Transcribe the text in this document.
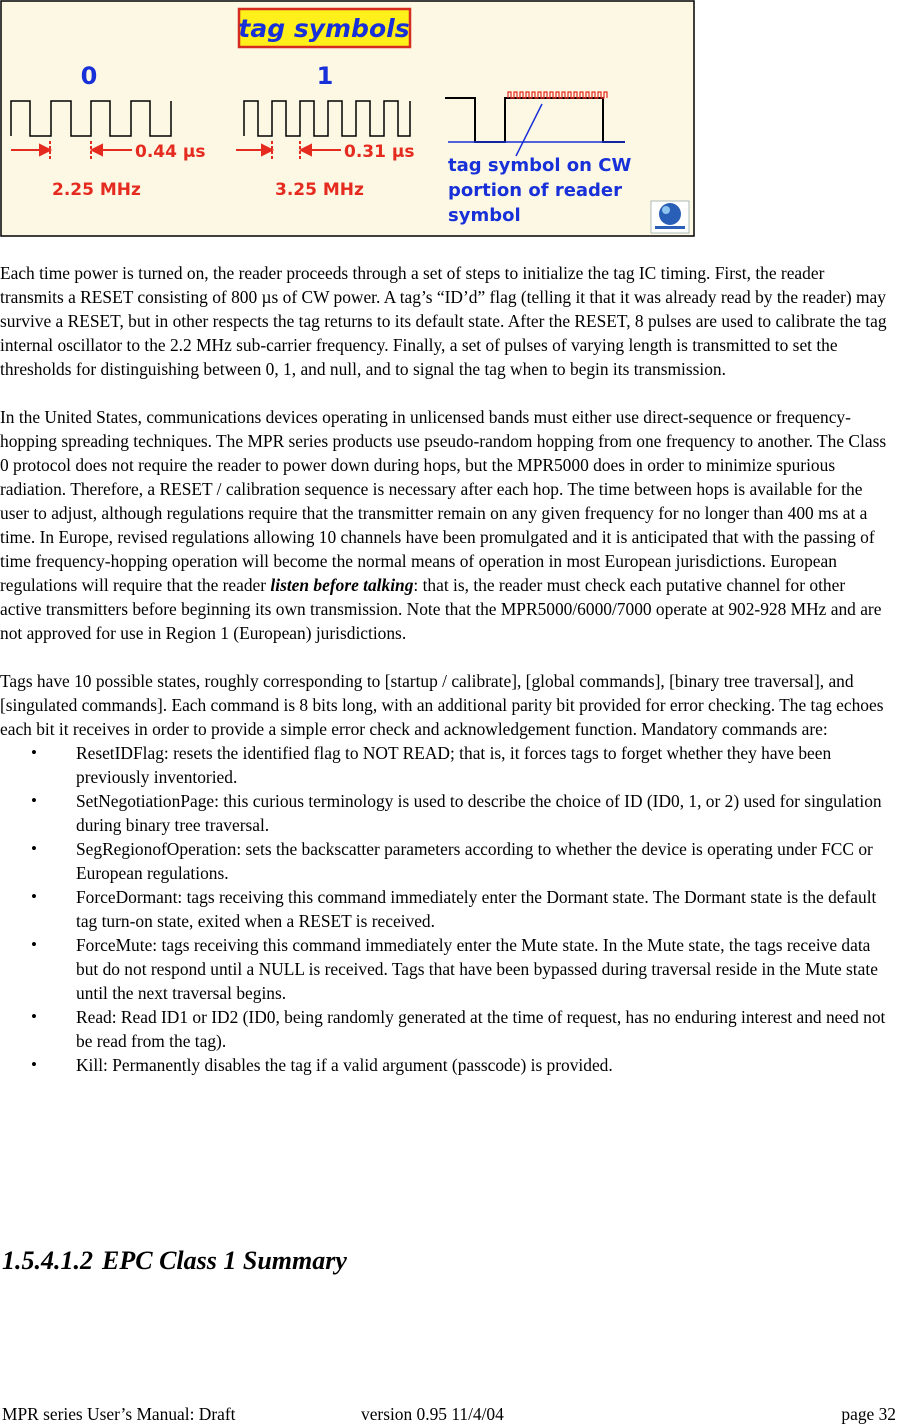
tag symbols
0	1
0.44 µs	0.31 µs
2.25 MHz	3.25 MHz
tag symbol on CW portion of reader symbol

Each time power is turned on, the reader proceeds through a set of steps to initialize the tag IC timing. First, the reader transmits a RESET consisting of 800 µs of CW power. A tag’s “ID’d” flag (telling it that it was already read by the reader) may survive a RESET, but in other respects the tag returns to its default state. After the RESET, 8 pulses are used to calibrate the tag internal oscillator to the 2.2 MHz sub-carrier frequency. Finally, a set of pulses of varying length is transmitted to set the thresholds for distinguishing between 0, 1, and null, and to signal the tag when to begin its transmission.

In the United States, communications devices operating in unlicensed bands must either use direct-sequence or frequency-hopping spreading techniques. The MPR series products use pseudo-random hopping from one frequency to another. The Class 0 protocol does not require the reader to power down during hops, but the MPR5000 does in order to minimize spurious radiation. Therefore, a RESET / calibration sequence is necessary after each hop. The time between hops is available for the user to adjust, although regulations require that the transmitter remain on any given frequency for no longer than 400 ms at a time. In Europe, revised regulations allowing 10 channels have been promulgated and it is anticipated that with the passing of time frequency-hopping operation will become the normal means of operation in most European jurisdictions. European regulations will require that the reader listen before talking: that is, the reader must check each putative channel for other active transmitters before beginning its own transmission. Note that the MPR5000/6000/7000 operate at 902-928 MHz and are not approved for use in Region 1 (European) jurisdictions.

Tags have 10 possible states, roughly corresponding to [startup / calibrate], [global commands], [binary tree traversal], and [singulated commands]. Each command is 8 bits long, with an additional parity bit provided for error checking. The tag echoes each bit it receives in order to provide a simple error check and acknowledgement function. Mandatory commands are:

• ResetIDFlag: resets the identified flag to NOT READ; that is, it forces tags to forget whether they have been previously inventoried.
• SetNegotiationPage: this curious terminology is used to describe the choice of ID (ID0, 1, or 2) used for singulation during binary tree traversal.
• SegRegionofOperation: sets the backscatter parameters according to whether the device is operating under FCC or European regulations.
• ForceDormant: tags receiving this command immediately enter the Dormant state. The Dormant state is the default tag turn-on state, exited when a RESET is received.
• ForceMute: tags receiving this command immediately enter the Mute state. In the Mute state, the tags receive data but do not respond until a NULL is received. Tags that have been bypassed during traversal reside in the Mute state until the next traversal begins.
• Read: Read ID1 or ID2 (ID0, being randomly generated at the time of request, has no enduring interest and need not be read from the tag).
• Kill: Permanently disables the tag if a valid argument (passcode) is provided.
1.5.4.1.2 EPC Class 1 Summary
MPR series User’s Manual: Draft	version 0.95 11/4/04	page 32
